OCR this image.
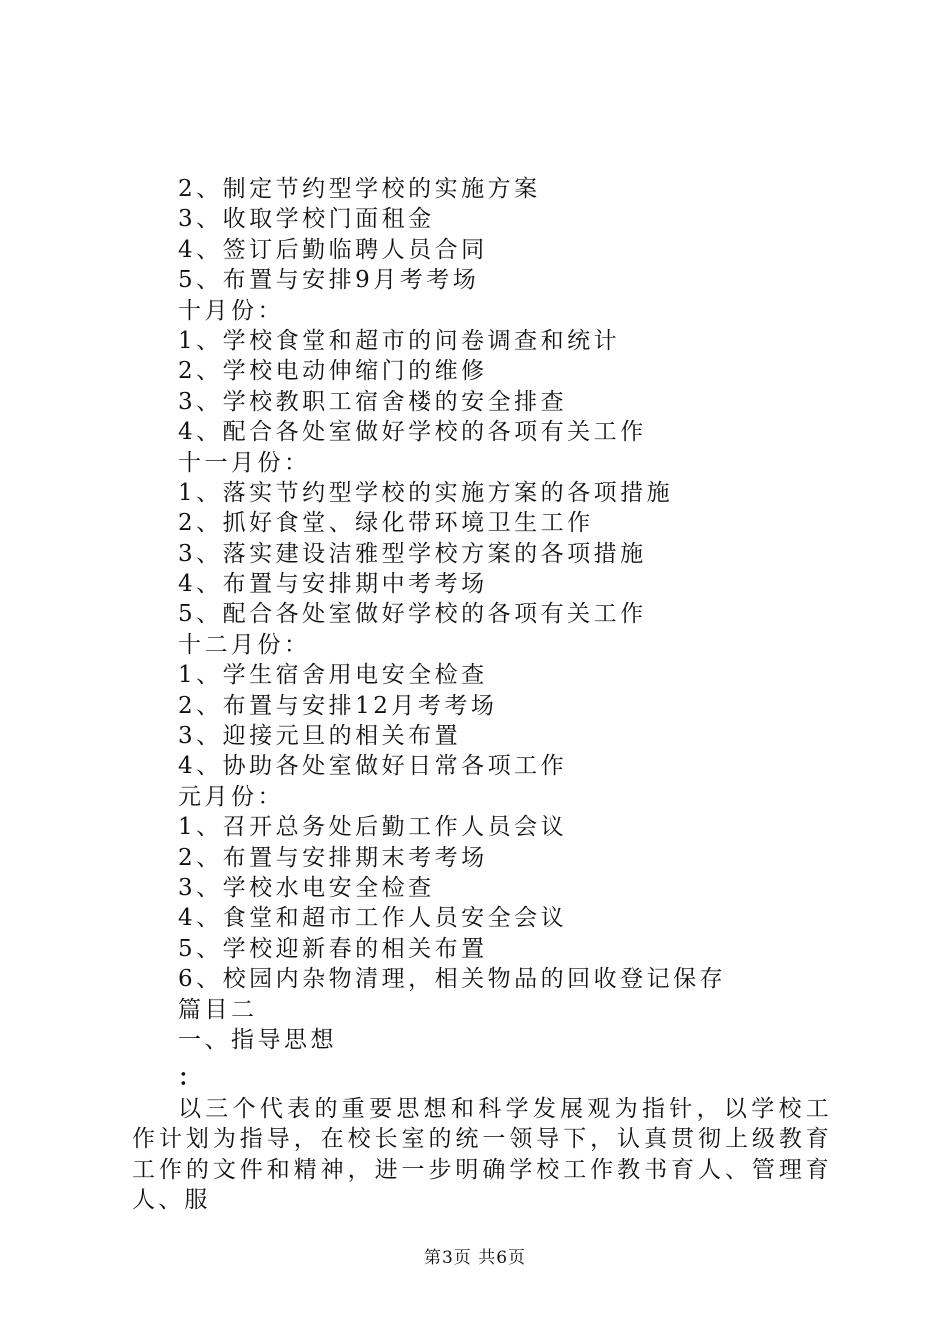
2、制定节约型学校的实施方案
3、收取学校门面租金
4、签订后勤临聘人员合同
5、布置与安排9月考考场
十月份：
1、学校食堂和超市的问卷调查和统计
2、学校电动伸缩门的维修
3、学校教职工宿舍楼的安全排查
4、配合各处室做好学校的各项有关工作
十一月份：
1、落实节约型学校的实施方案的各项措施
2、抓好食堂、绿化带环境卫生工作
3、落实建设洁雅型学校方案的各项措施
4、布置与安排期中考考场
5、配合各处室做好学校的各项有关工作
十二月份：
1、学生宿舍用电安全检查
2、布置与安排12月考考场
3、迎接元旦的相关布置
4、协助各处室做好日常各项工作
元月份：
1、召开总务处后勤工作人员会议
2、布置与安排期末考考场
3、学校水电安全检查
4、食堂和超市工作人员安全会议
5、学校迎新春的相关布置
6、校园内杂物清理，相关物品的回收登记保存
篇目二
一、指导思想
：
以三个代表的重要思想和科学发展观为指针，以学校工作计划为指导，在校长室的统一领导下，认真贯彻上级教育工作的文件和精神，进一步明确学校工作教书育人、管理育人、服
第3页 共6页
